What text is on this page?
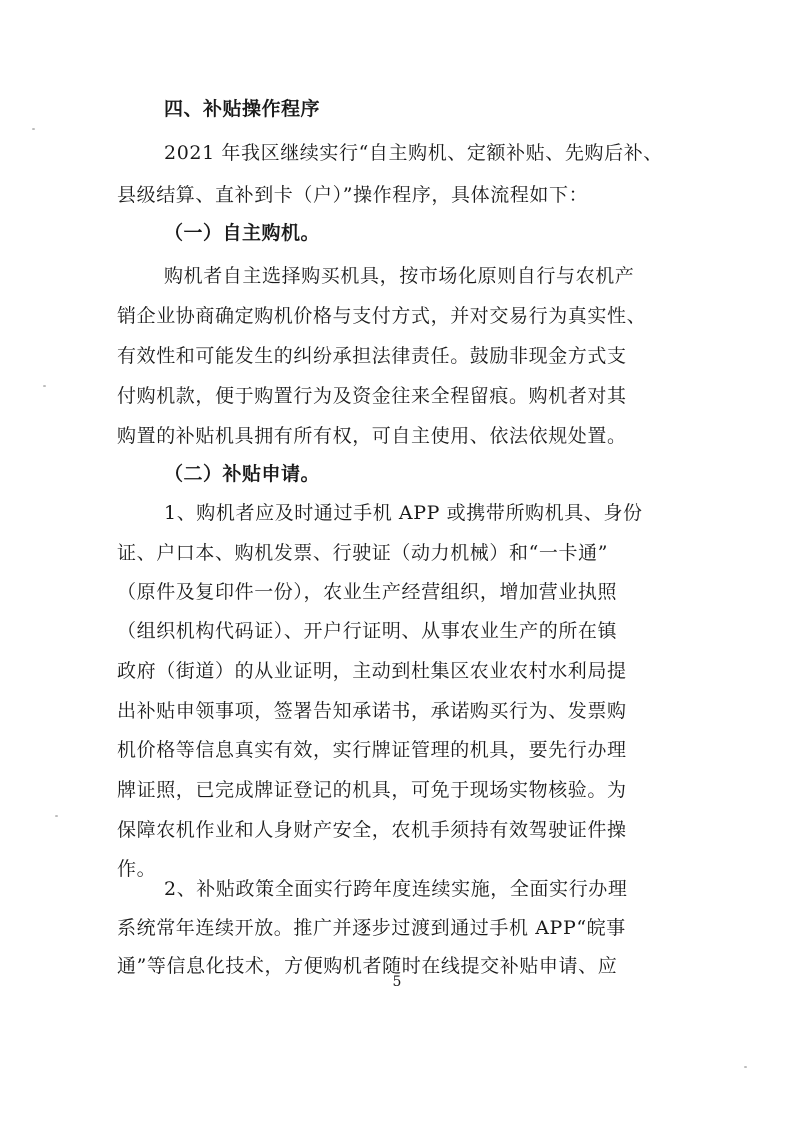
四、补贴操作程序
2021 年我区继续实行“自主购机、定额补贴、先购后补、
县级结算、直补到卡（户）”操作程序，具体流程如下：
（一）自主购机。
购机者自主选择购买机具，按市场化原则自行与农机产
销企业协商确定购机价格与支付方式，并对交易行为真实性、
有效性和可能发生的纠纷承担法律责任。鼓励非现金方式支
付购机款，便于购置行为及资金往来全程留痕。购机者对其
购置的补贴机具拥有所有权，可自主使用、依法依规处置。
（二）补贴申请。
1、购机者应及时通过手机 APP 或携带所购机具、身份
证、户口本、购机发票、行驶证（动力机械）和“一卡通”
（原件及复印件一份），农业生产经营组织，增加营业执照
（组织机构代码证）、开户行证明、从事农业生产的所在镇
政府（街道）的从业证明，主动到杜集区农业农村水利局提
出补贴申领事项，签署告知承诺书，承诺购买行为、发票购
机价格等信息真实有效，实行牌证管理的机具，要先行办理
牌证照，已完成牌证登记的机具，可免于现场实物核验。为
保障农机作业和人身财产安全，农机手须持有效驾驶证件操
作。
2、补贴政策全面实行跨年度连续实施，全面实行办理
系统常年连续开放。推广并逐步过渡到通过手机 APP“皖事
通”等信息化技术，方便购机者随时在线提交补贴申请、应
5
